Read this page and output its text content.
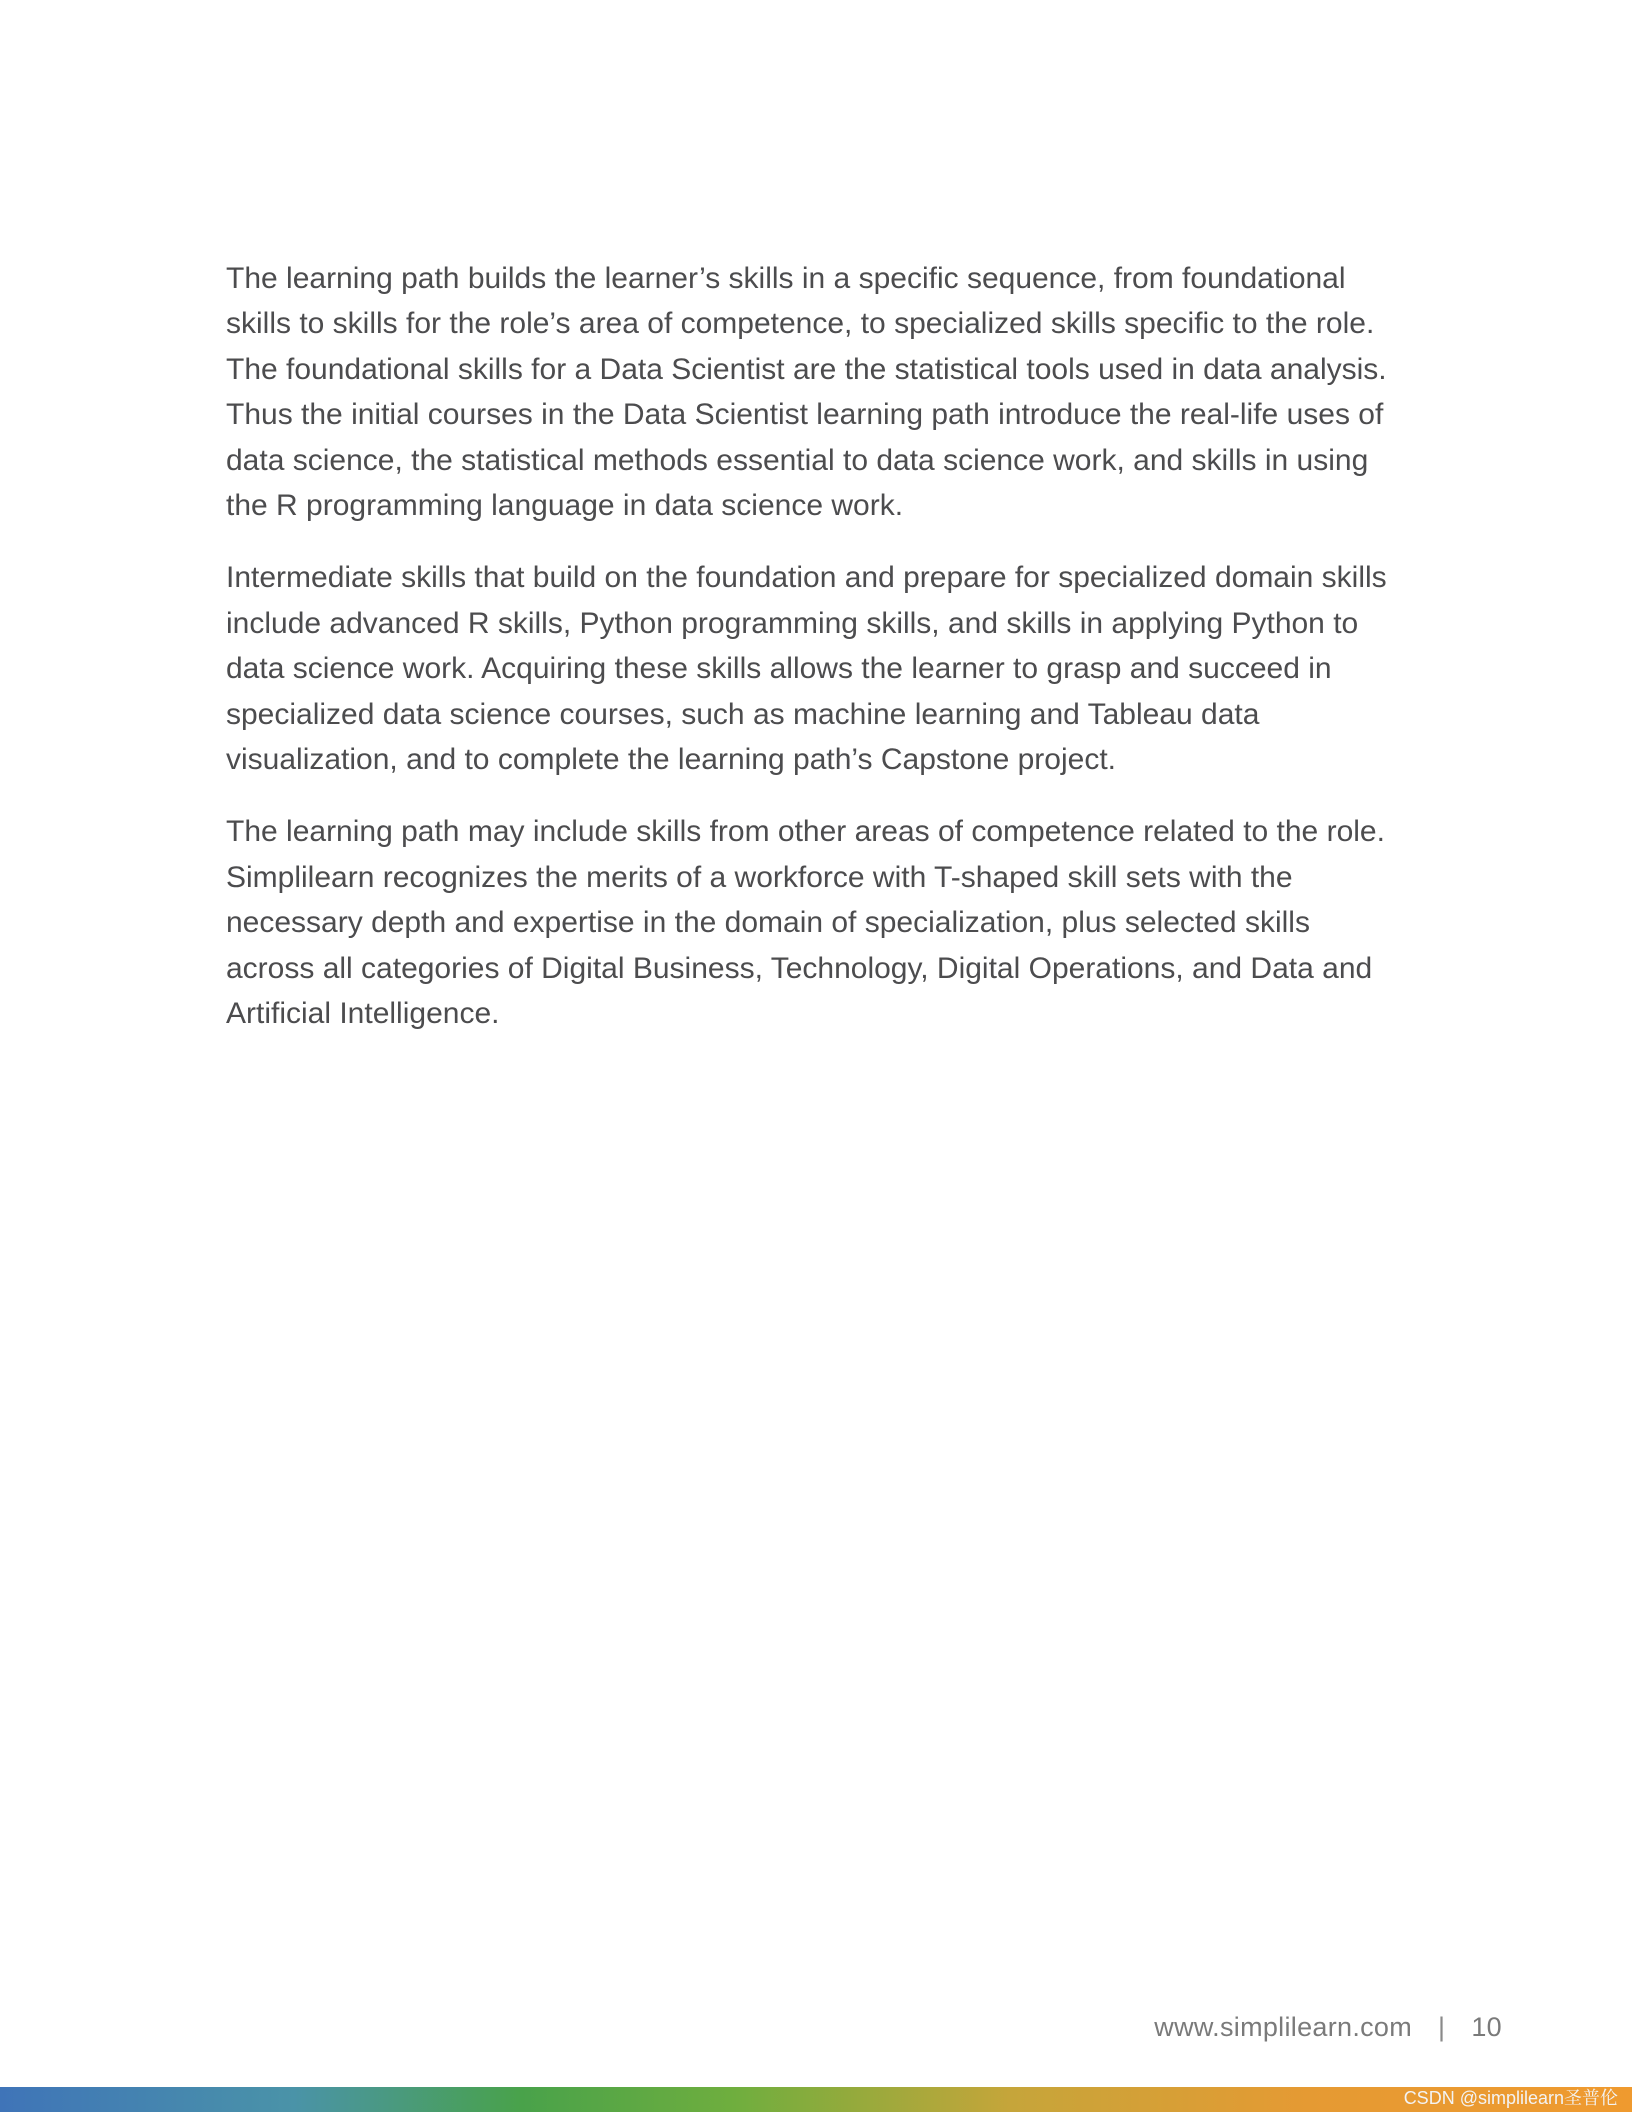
The learning path builds the learner’s skills in a specific sequence, from foundational skills to skills for the role’s area of competence, to specialized skills specific to the role. The foundational skills for a Data Scientist are the statistical tools used in data analysis. Thus the initial courses in the Data Scientist learning path introduce the real-life uses of data science, the statistical methods essential to data science work, and skills in using the R programming language in data science work.

Intermediate skills that build on the foundation and prepare for specialized domain skills include advanced R skills, Python programming skills, and skills in applying Python to data science work. Acquiring these skills allows the learner to grasp and succeed in specialized data science courses, such as machine learning and Tableau data visualization, and to complete the learning path’s Capstone project.

The learning path may include skills from other areas of competence related to the role. Simplilearn recognizes the merits of a workforce with T-shaped skill sets with the necessary depth and expertise in the domain of specialization, plus selected skills across all categories of Digital Business, Technology, Digital Operations, and Data and Artificial Intelligence.

www.simplilearn.com | 10
CSDN @simplilearn圣普伦
